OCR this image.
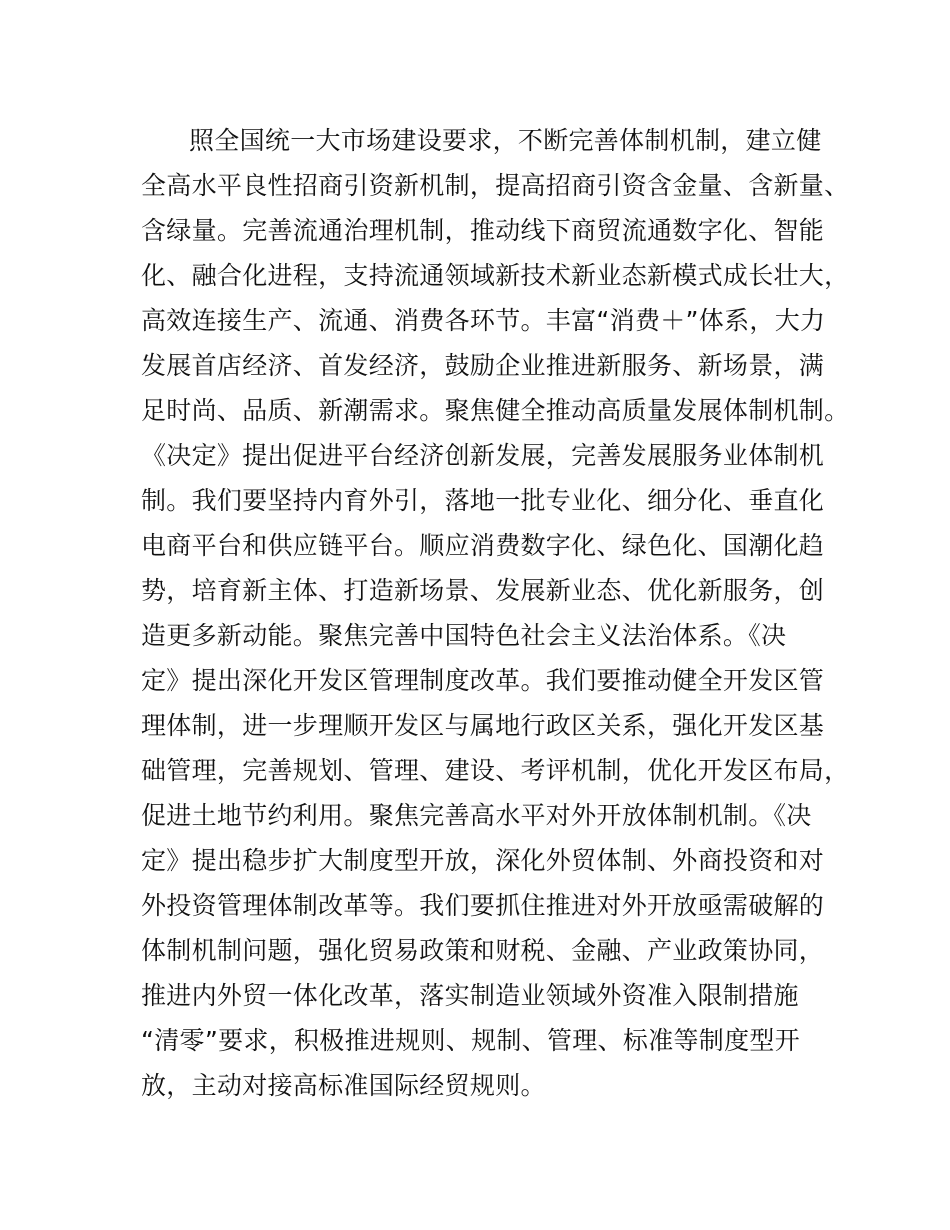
照全国统一大市场建设要求，不断完善体制机制，建立健
全高水平良性招商引资新机制，提高招商引资含金量、含新量、
含绿量。完善流通治理机制，推动线下商贸流通数字化、智能
化、融合化进程，支持流通领域新技术新业态新模式成长壮大，
高效连接生产、流通、消费各环节。丰富“消费＋”体系，大力
发展首店经济、首发经济，鼓励企业推进新服务、新场景，满
足时尚、品质、新潮需求。聚焦健全推动高质量发展体制机制。
《决定》提出促进平台经济创新发展，完善发展服务业体制机
制。我们要坚持内育外引，落地一批专业化、细分化、垂直化
电商平台和供应链平台。顺应消费数字化、绿色化、国潮化趋
势，培育新主体、打造新场景、发展新业态、优化新服务，创
造更多新动能。聚焦完善中国特色社会主义法治体系。《决
定》提出深化开发区管理制度改革。我们要推动健全开发区管
理体制，进一步理顺开发区与属地行政区关系，强化开发区基
础管理，完善规划、管理、建设、考评机制，优化开发区布局，
促进土地节约利用。聚焦完善高水平对外开放体制机制。《决
定》提出稳步扩大制度型开放，深化外贸体制、外商投资和对
外投资管理体制改革等。我们要抓住推进对外开放亟需破解的
体制机制问题，强化贸易政策和财税、金融、产业政策协同，
推进内外贸一体化改革，落实制造业领域外资准入限制措施
“清零”要求，积极推进规则、规制、管理、标准等制度型开
放，主动对接高标准国际经贸规则。
